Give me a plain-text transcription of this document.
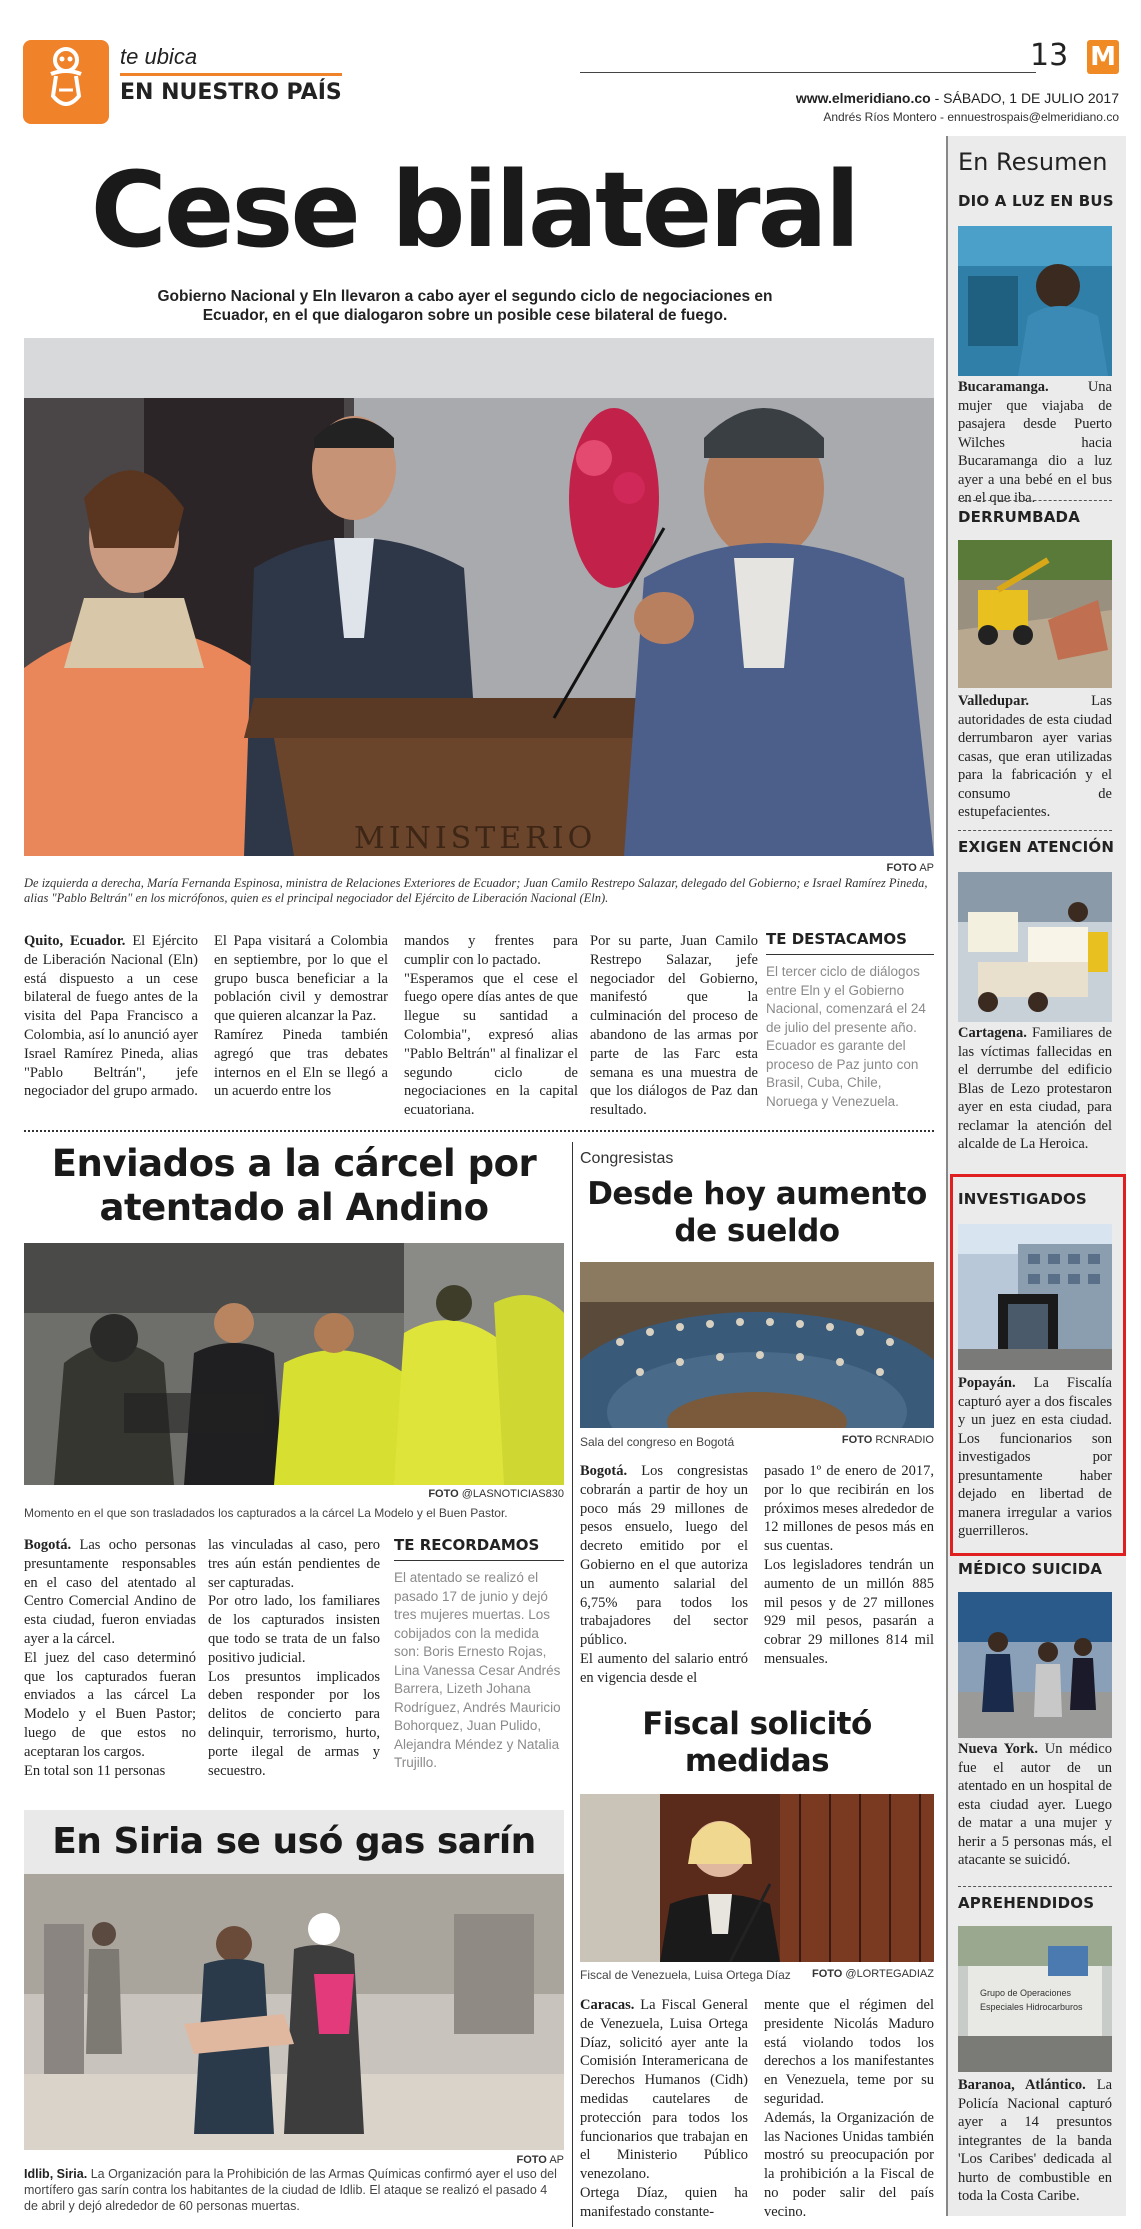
te ubica
EN NUESTRO PAÍS
13 M
www.elmeridiano.co - SÁBADO, 1 DE JULIO 2017
Andrés Ríos Montero - ennuestrospais@elmeridiano.co
Cese bilateral
Gobierno Nacional y Eln llevaron a cabo ayer el segundo ciclo de negociaciones en Ecuador, en el que dialogaron sobre un posible cese bilateral de fuego.
MINISTERIO
FOTO AP
De izquierda a derecha, María Fernanda Espinosa, ministra de Relaciones Exteriores de Ecuador; Juan Camilo Restrepo Salazar, delegado del Gobierno; e Israel Ramírez Pineda, alias "Pablo Beltrán" en los micrófonos, quien es el principal negociador del Ejército de Liberación Nacional (Eln).
Quito, Ecuador. El Ejército de Liberación Nacional (Eln) está dispuesto a un cese bilateral de fuego antes de la visita del Papa Francisco a Colombia, así lo anunció ayer Israel Ramírez Pineda, alias "Pablo Beltrán", jefe negociador del grupo armado.
El Papa visitará a Colombia en septiembre, por lo que el grupo busca beneficiar a la población civil y demostrar que quieren alcanzar la Paz.
Ramírez Pineda también agregó que tras debates internos en el Eln se llegó a un acuerdo entre los
mandos y frentes para cumplir con lo pactado.
"Esperamos que el cese el fuego opere días antes de que llegue su santidad a Colombia", expresó alias "Pablo Beltrán" al finalizar el segundo ciclo de negociaciones en la capital ecuatoriana.
Por su parte, Juan Camilo Restrepo Salazar, jefe negociador del Gobierno, manifestó que la culminación del proceso de abandono de las armas por parte de las Farc esta semana es una muestra de que los diálogos de Paz dan resultado.
TE DESTACAMOS
El tercer ciclo de diálogos entre Eln y el Gobierno Nacional, comenzará el 24 de julio del presente año. Ecuador es garante del proceso de Paz junto con Brasil, Cuba, Chile, Noruega y Venezuela.
Enviados a la cárcel por atentado al Andino
Momento en el que son trasladados los capturados a la cárcel La Modelo y el Buen Pastor.
FOTO @LASNOTICIAS830
Bogotá. Las ocho personas presuntamente responsables en el caso del atentado al Centro Comercial Andino de esta ciudad, fueron enviadas ayer a la cárcel.
El juez del caso determinó que los capturados fueran enviados a las cárcel La Modelo y el Buen Pastor; luego de que estos no aceptaran los cargos.
En total son 11 personas
las vinculadas al caso, pero tres aún están pendientes de ser capturadas.
Por otro lado, los familiares de los capturados insisten que todo se trata de un falso positivo judicial.
Los presuntos implicados deben responder por los delitos de concierto para delinquir, terrorismo, hurto, porte ilegal de armas y secuestro.
TE RECORDAMOS
El atentado se realizó el pasado 17 de junio y dejó tres mujeres muertas. Los cobijados con la medida son: Boris Ernesto Rojas, Lina Vanessa Cesar Andrés Barrera, Lizeth Johana Rodríguez, Andrés Mauricio Bohorquez, Juan Pulido, Alejandra Méndez y Natalia Trujillo.
En Siria se usó gas sarín
FOTO AP
Idlib, Siria. La Organización para la Prohibición de las Armas Químicas confirmó ayer el uso del mortífero gas sarín contra los habitantes de la ciudad de Idlib. El ataque se realizó el pasado 4 de abril y dejó alrededor de 60 personas muertas.
Congresistas
Desde hoy aumento de sueldo
Sala del congreso en Bogotá	FOTO RCNRADIO
Bogotá. Los congresistas cobrarán a partir de hoy un poco más 29 millones de pesos ensuelo, luego del decreto emitido por el Gobierno en el que autoriza un aumento salarial del 6,75% para todos los trabajadores del sector público.
El aumento del salario entró en vigencia desde el
pasado 1º de enero de 2017, por lo que recibirán en los próximos meses alrededor de 12 millones de pesos más en sus cuentas.
Los legisladores tendrán un aumento de un millón 885 mil pesos y de 27 millones 929 mil pesos, pasarán a cobrar 29 millones 814 mil mensuales.
Fiscal solicitó medidas
Fiscal de Venezuela, Luisa Ortega Díaz	FOTO @LORTEGADIAZ
Caracas. La Fiscal General de Venezuela, Luisa Ortega Díaz, solicitó ayer ante la Comisión Interamericana de Derechos Humanos (Cidh) medidas cautelares de protección para todos los funcionarios que trabajan en el Ministerio Público venezolano.
Ortega Díaz, quien ha manifestado constante-
mente que el régimen del presidente Nicolás Maduro está violando todos los derechos a los manifestantes en Venezuela, teme por su seguridad.
Además, la Organización de las Naciones Unidas también mostró su preocupación por la prohibición a la Fiscal de no poder salir del país vecino.
En Resumen
DIO A LUZ EN BUS
Bucaramanga. Una mujer que viajaba de pasajera desde Puerto Wilches hacia Bucaramanga dio a luz ayer a una bebé en el bus en el que iba.
DERRUMBADA
Valledupar. Las autoridades de esta ciudad derrumbaron ayer varias casas, que eran utilizadas para la fabricación y el consumo de estupefacientes.
EXIGEN ATENCIÓN
Cartagena. Familiares de las víctimas fallecidas en el derrumbe del edificio Blas de Lezo protestaron ayer en esta ciudad, para reclamar la atención del alcalde de La Heroica.
INVESTIGADOS
Popayán. La Fiscalía capturó ayer a dos fiscales y un juez en esta ciudad. Los funcionarios son investigados por presuntamente haber dejado en libertad de manera irregular a varios guerrilleros.
MÉDICO SUICIDA
Nueva York. Un médico fue el autor de un atentado en un hospital de esta ciudad ayer. Luego de matar a una mujer y herir a 5 personas más, el atacante se suicidó.
APREHENDIDOS
Grupo de Operaciones
Especiales Hidrocarburos
Baranoa, Atlántico. La Policía Nacional capturó ayer a 14 presuntos integrantes de la banda 'Los Caribes' dedicada al hurto de combustible en toda la Costa Caribe.
